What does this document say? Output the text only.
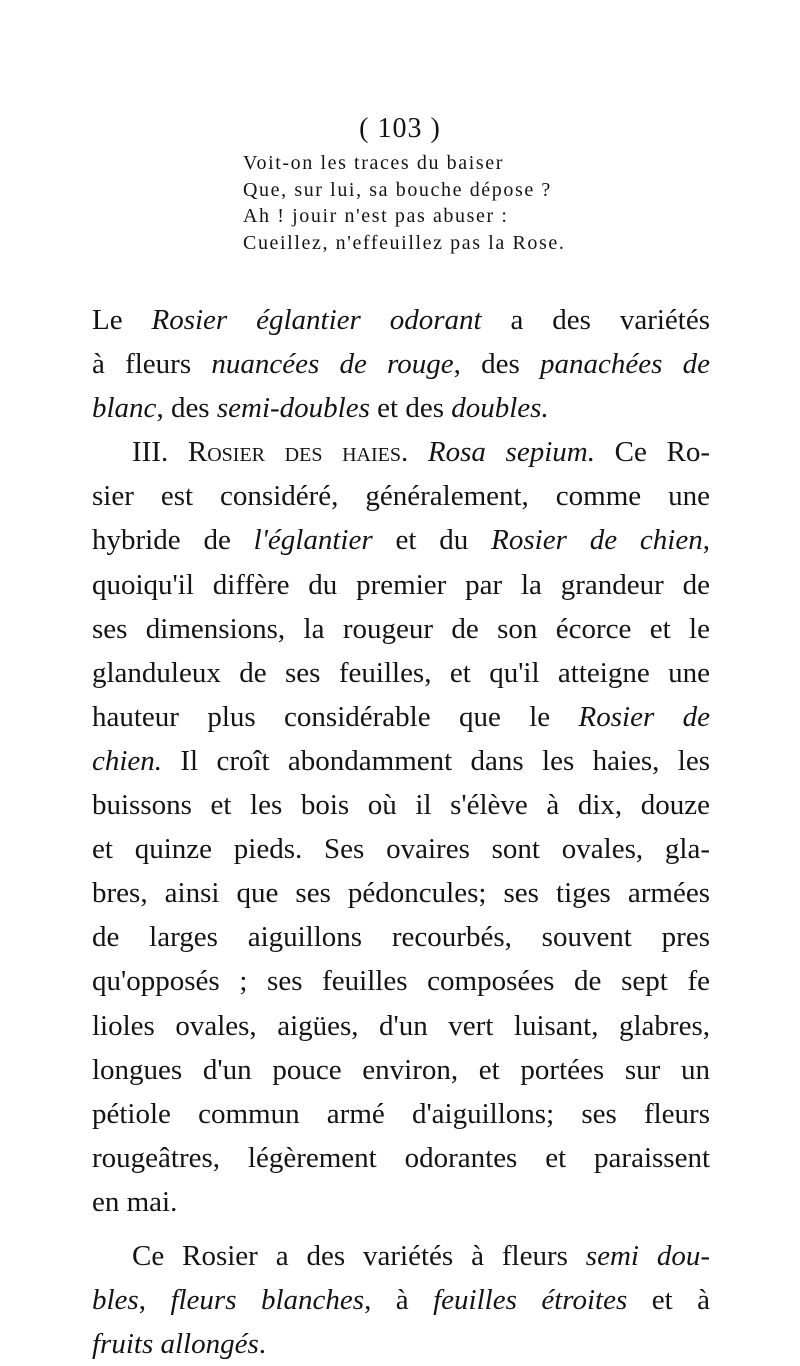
( 103 )
Voit-on les traces du baiser
Que, sur lui, sa bouche dépose ?
Ah ! jouir n'est pas abuser :
Cueillez, n'effeuillez pas la Rose.
Le Rosier églantier odorant a des variétés
à fleurs nuancées de rouge, des panachées de
blanc, des semi-doubles et des doubles.
III. Rosier des haies. Rosa sepium. Ce Ro-
sier est considéré, généralement, comme une
hybride de l'églantier et du Rosier de chien,
quoiqu'il diffère du premier par la grandeur de
ses dimensions, la rougeur de son écorce et le
glanduleux de ses feuilles, et qu'il atteigne une
hauteur plus considérable que le Rosier de
chien. Il croît abondamment dans les haies, les
buissons et les bois où il s'élève à dix, douze
et quinze pieds. Ses ovaires sont ovales, gla-
bres, ainsi que ses pédoncules; ses tiges armées
de larges aiguillons recourbés, souvent pres
qu'opposés ; ses feuilles composées de sept fe
lioles ovales, aigües, d'un vert luisant, glabres,
longues d'un pouce environ, et portées sur un
pétiole commun armé d'aiguillons; ses fleurs
rougeâtres, légèrement odorantes et paraissent
en mai.
Ce Rosier a des variétés à fleurs semi dou-
bles, fleurs blanches, à feuilles étroites et à
fruits allongés.
